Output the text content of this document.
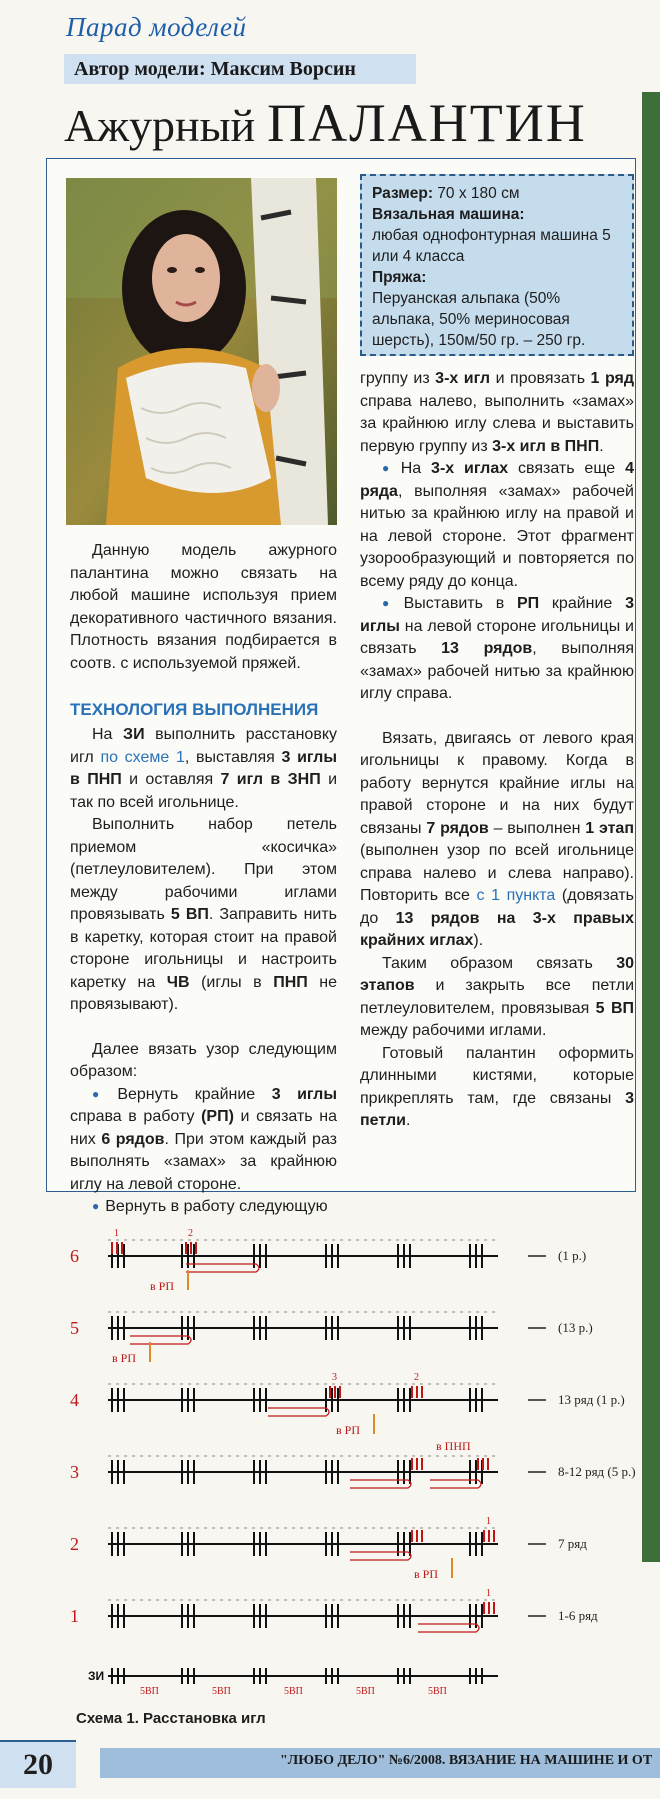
Парад моделей
Автор модели: Максим Ворсин
Ажурный ПАЛАНТИН
Размер: 70 х 180 см
Вязальная машина:
любая однофонтурная машина 5 или 4 класса
Пряжа:
Перуанская альпака (50% альпака, 50% мериносовая шерсть), 150м/50 гр. – 250 гр.

Данную модель ажурного палантина можно связать на любой машине используя прием декоративного частичного вязания. Плотность вязания подбирается в соотв. с используемой пряжей.

ТЕХНОЛОГИЯ ВЫПОЛНЕНИЯ

На ЗИ выполнить расстановку игл по схеме 1, выставляя 3 иглы в ПНП и оставляя 7 игл в ЗНП и так по всей игольнице.

Выполнить набор петель приемом «косичка» (петлеуловителем). При этом между рабочими иглами провязывать 5 ВП. Заправить нить в каретку, которая стоит на правой стороне игольницы и настроить каретку на ЧВ (иглы в ПНП не провязывают).

Далее вязать узор следующим образом:

● Вернуть крайние 3 иглы справа в работу (РП) и связать на них 6 рядов. При этом каждый раз выполнять «замах» за крайнюю иглу на левой стороне.

● Вернуть в работу следующую

группу из 3-х игл и провязать 1 ряд справа налево, выполнить «замах» за крайнюю иглу слева и выставить первую группу из 3-х игл в ПНП.

● На 3-х иглах связать еще 4 ряда, выполняя «замах» рабочей нитью за крайнюю иглу на правой и на левой стороне. Этот фрагмент узорообразующий и повторяется по всему ряду до конца.

● Выставить в РП крайние 3 иглы на левой стороне игольницы и связать 13 рядов, выполняя «замах» рабочей нитью за крайнюю иглу справа.

Вязать, двигаясь от левого края игольницы к правому. Когда в работу вернутся крайние иглы на правой стороне и на них будут связаны 7 рядов – выполнен 1 этап (выполнен узор по всей игольнице справа налево и слева направо). Повторить все с 1 пункта (довязать до 13 рядов на 3-х правых крайних иглах).

Таким образом связать 30 этапов и закрыть все петли петлеуловителем, провязывая 5 ВП между рабочими иглами.

Готовый палантин оформить длинными кистями, которые прикреплять там, где связаны 3 петли.

6	(1 р.)
5	(13 р.)
4	13 ряд (1 р.)
3	8-12 ряд (5 р.)
2	7 ряд
1	1-6 ряд
1	2
3	2
1
1
в РП
в РП
в РП
в РП
в ПНП
ЗИ
5ВП	5ВП	5ВП	5ВП	5ВП
Схема 1. Расстановка игл
20	"ЛЮБО ДЕЛО" №6/2008. ВЯЗАНИЕ НА МАШИНЕ И ОТ
